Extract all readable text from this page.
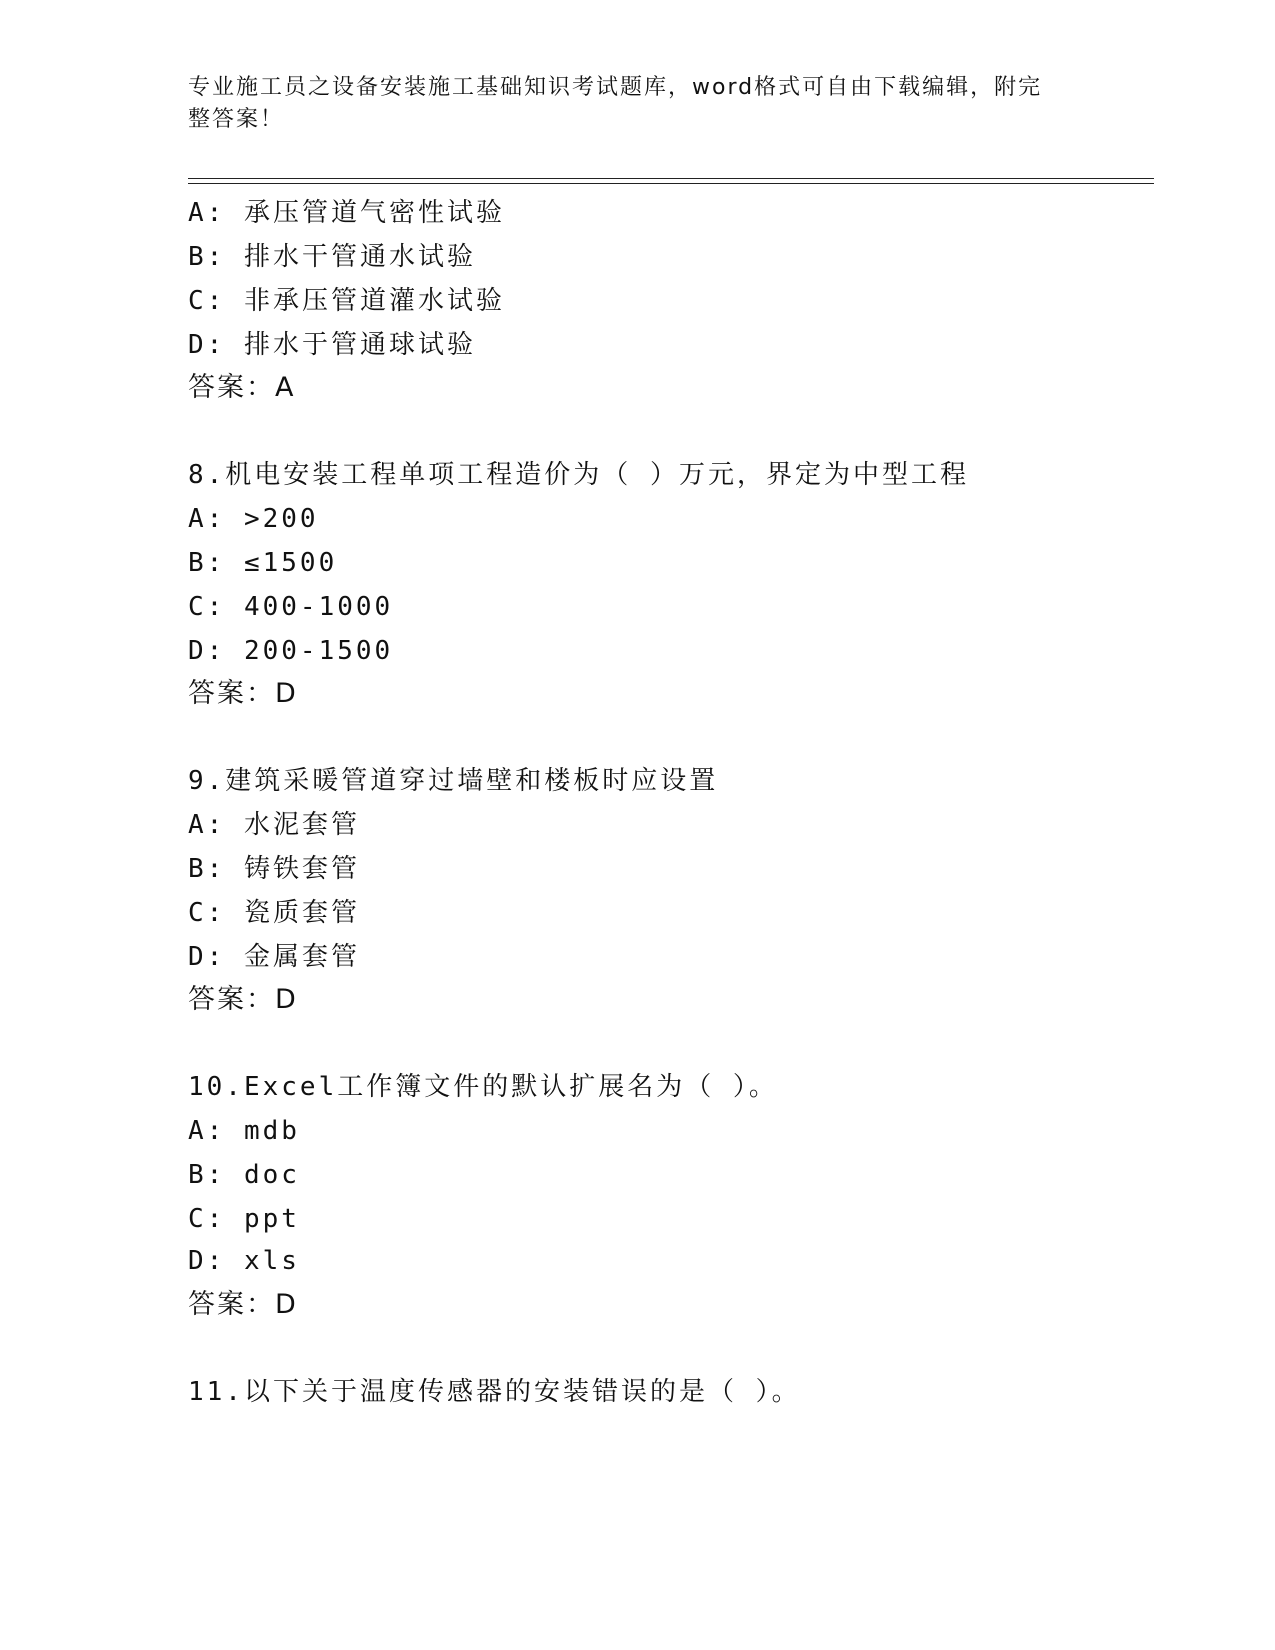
专业施工员之设备安装施工基础知识考试题库，word格式可自由下载编辑，附完
整答案！
A: 承压管道气密性试验
B: 排水干管通水试验
C: 非承压管道灌水试验
D: 排水于管通球试验
答案：A
8.机电安装工程单项工程造价为（ ）万元，界定为中型工程
A: >200
B: ≤1500
C: 400-1000
D: 200-1500
答案：D
9.建筑采暖管道穿过墙壁和楼板时应设置
A: 水泥套管
B: 铸铁套管
C: 瓷质套管
D: 金属套管
答案：D
10.Excel工作簿文件的默认扩展名为（ ）。
A: mdb
B: doc
C: ppt
D: xls
答案：D
11.以下关于温度传感器的安装错误的是（ ）。
